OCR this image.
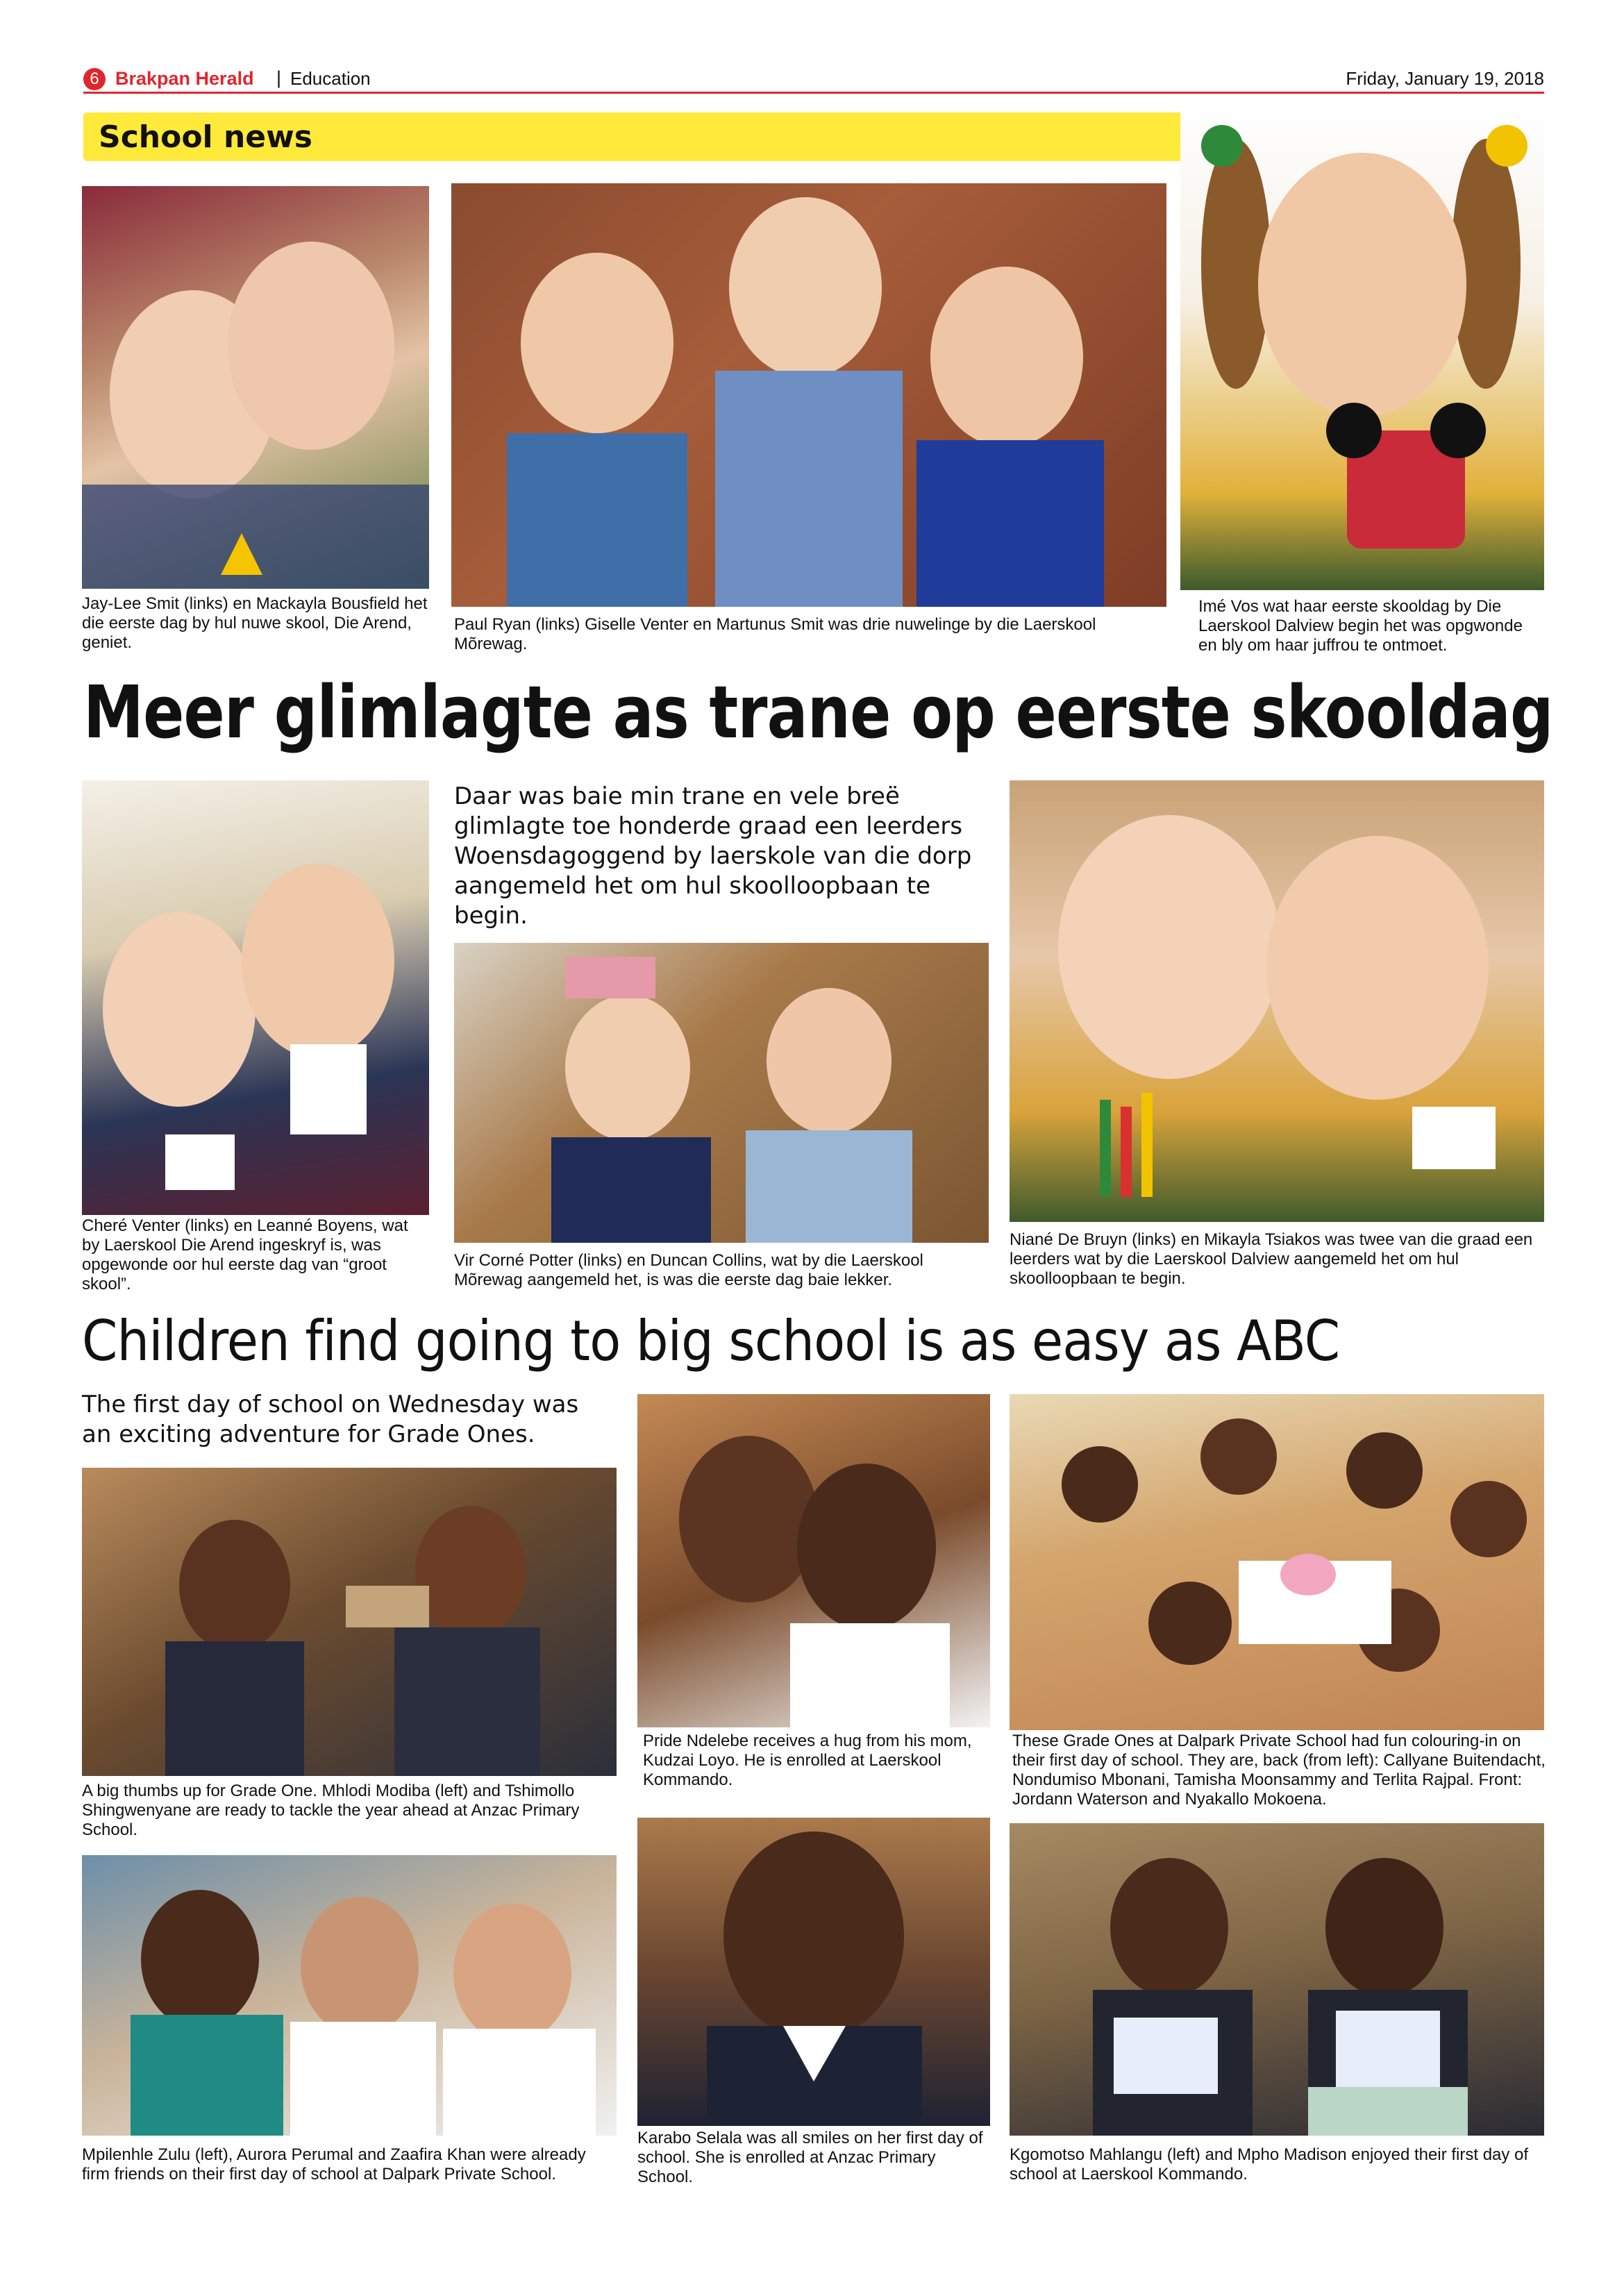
6 Brakpan Herald | Education	Friday, January 19, 2018
School news
Jay-Lee Smit (links) en Mackayla Bousfield het die eerste dag by hul nuwe skool, Die Arend, geniet.
Paul Ryan (links) Giselle Venter en Martunus Smit was drie nuwelinge by die Laerskool Mõrewag.
Imé Vos wat haar eerste skooldag by Die Laerskool Dalview begin het was opgwonde en bly om haar juffrou te ontmoet.
Meer glimlagte as trane op eerste skooldag
Daar was baie min trane en vele breë glimlagte toe honderde graad een leerders Woensdagoggend by laerskole van die dorp aangemeld het om hul skoolloopbaan te begin.
Vir Corné Potter (links) en Duncan Collins, wat by die Laerskool Mõrewag aangemeld het, is was die eerste dag baie lekker.
Cheré Venter (links) en Leanné Boyens, wat by Laerskool Die Arend ingeskryf is, was opgewonde oor hul eerste dag van “groot skool”.
Niané De Bruyn (links) en Mikayla Tsiakos was twee van die graad een leerders wat by die Laerskool Dalview aangemeld het om hul skoolloopbaan te begin.
Children find going to big school is as easy as ABC
The first day of school on Wednesday was an exciting adventure for Grade Ones.
A big thumbs up for Grade One. Mhlodi Modiba (left) and Tshimollo Shingwenyane are ready to tackle the year ahead at Anzac Primary School.
Pride Ndelebe receives a hug from his mom, Kudzai Loyo. He is enrolled at Laerskool Kommando.
These Grade Ones at Dalpark Private School had fun colouring-in on their first day of school. They are, back (from left): Callyane Buitendacht, Nondumiso Mbonani, Tamisha Moonsammy and Terlita Rajpal. Front: Jordann Waterson and Nyakallo Mokoena.
Mpilenhle Zulu (left), Aurora Perumal and Zaafira Khan were already firm friends on their first day of school at Dalpark Private School.
Karabo Selala was all smiles on her first day of school. She is enrolled at Anzac Primary School.
Kgomotso Mahlangu (left) and Mpho Madison enjoyed their first day of school at Laerskool Kommando.
